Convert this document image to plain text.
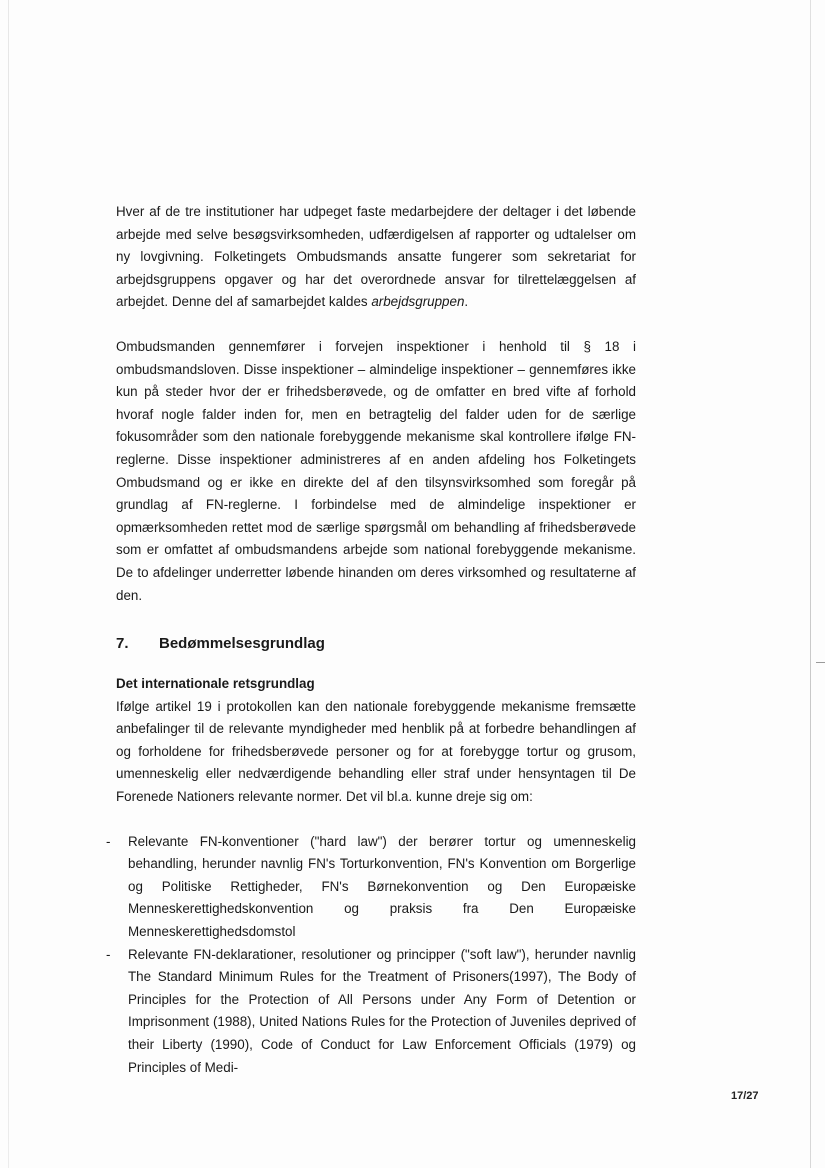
Hver af de tre institutioner har udpeget faste medarbejdere der deltager i det løbende arbejde med selve besøgsvirksomheden, udfærdigelsen af rapporter og udtalelser om ny lovgivning. Folketingets Ombudsmands ansatte fungerer som sekretariat for arbejdsgruppens opgaver og har det overordnede ansvar for tilrettelæggelsen af arbejdet. Denne del af samarbejdet kaldes arbejdsgruppen.

Ombudsmanden gennemfører i forvejen inspektioner i henhold til § 18 i ombudsmandsloven. Disse inspektioner – almindelige inspektioner – gennemføres ikke kun på steder hvor der er frihedsberøvede, og de omfatter en bred vifte af forhold hvoraf nogle falder inden for, men en betragtelig del falder uden for de særlige fokusområder som den nationale forebyggende mekanisme skal kontrollere ifølge FN-reglerne. Disse inspektioner administreres af en anden afdeling hos Folketingets Ombudsmand og er ikke en direkte del af den tilsynsvirksomhed som foregår på grundlag af FN-reglerne. I forbindelse med de almindelige inspektioner er opmærksomheden rettet mod de særlige spørgsmål om behandling af frihedsberøvede som er omfattet af ombudsmandens arbejde som national forebyggende mekanisme. De to afdelinger underretter løbende hinanden om deres virksomhed og resultaterne af den.

7.	Bedømmelsesgrundlag

Det internationale retsgrundlag

Ifølge artikel 19 i protokollen kan den nationale forebyggende mekanisme fremsætte anbefalinger til de relevante myndigheder med henblik på at forbedre behandlingen af og forholdene for frihedsberøvede personer og for at forebygge tortur og grusom, umenneskelig eller nedværdigende behandling eller straf under hensyntagen til De Forenede Nationers relevante normer. Det vil bl.a. kunne dreje sig om:

- Relevante FN-konventioner ("hard law") der berører tortur og umenneskelig behandling, herunder navnlig FN's Torturkonvention, FN's Konvention om Borgerlige og Politiske Rettigheder, FN's Børnekonvention og Den Europæiske Menneskerettighedskonvention og praksis fra Den Europæiske Menneskerettighedsdomstol
- Relevante FN-deklarationer, resolutioner og principper ("soft law"), herunder navnlig The Standard Minimum Rules for the Treatment of Prisoners(1997), The Body of Principles for the Protection of All Persons under Any Form of Detention or Imprisonment (1988), United Nations Rules for the Protection of Juveniles deprived of their Liberty (1990), Code of Conduct for Law Enforcement Officials (1979) og Principles of Medi-
17/27
